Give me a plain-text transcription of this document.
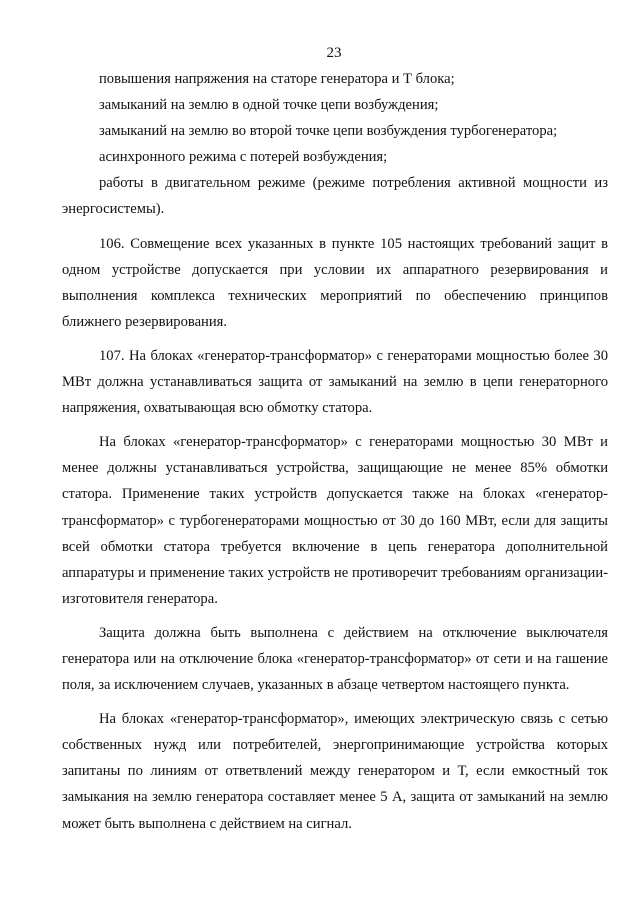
23

повышения напряжения на статоре генератора и Т блока;

замыканий на землю в одной точке цепи возбуждения;

замыканий на землю во второй точке цепи возбуждения турбогенератора;

асинхронного режима с потерей возбуждения;

работы в двигательном режиме (режиме потребления активной мощности из энергосистемы).

106. Совмещение всех указанных в пункте 105 настоящих требований защит в одном устройстве допускается при условии их аппаратного резервирования и выполнения комплекса технических мероприятий по обеспечению принципов ближнего резервирования.

107. На блоках «генератор-трансформатор» с генераторами мощностью более 30 МВт должна устанавливаться защита от замыканий на землю в цепи генераторного напряжения, охватывающая всю обмотку статора.

На блоках «генератор-трансформатор» с генераторами мощностью 30 МВт и менее должны устанавливаться устройства, защищающие не менее 85% обмотки статора. Применение таких устройств допускается также на блоках «генератор-трансформатор» с турбогенераторами мощностью от 30 до 160 МВт, если для защиты всей обмотки статора требуется включение в цепь генератора дополнительной аппаратуры и применение таких устройств не противоречит требованиям организации-изготовителя генератора.

Защита должна быть выполнена с действием на отключение выключателя генератора или на отключение блока «генератор-трансформатор» от сети и на гашение поля, за исключением случаев, указанных в абзаце четвертом настоящего пункта.

На блоках «генератор-трансформатор», имеющих электрическую связь с сетью собственных нужд или потребителей, энергопринимающие устройства которых запитаны по линиям от ответвлений между генератором и Т, если емкостный ток замыкания на землю генератора составляет менее 5 А, защита от замыканий на землю может быть выполнена с действием на сигнал.
